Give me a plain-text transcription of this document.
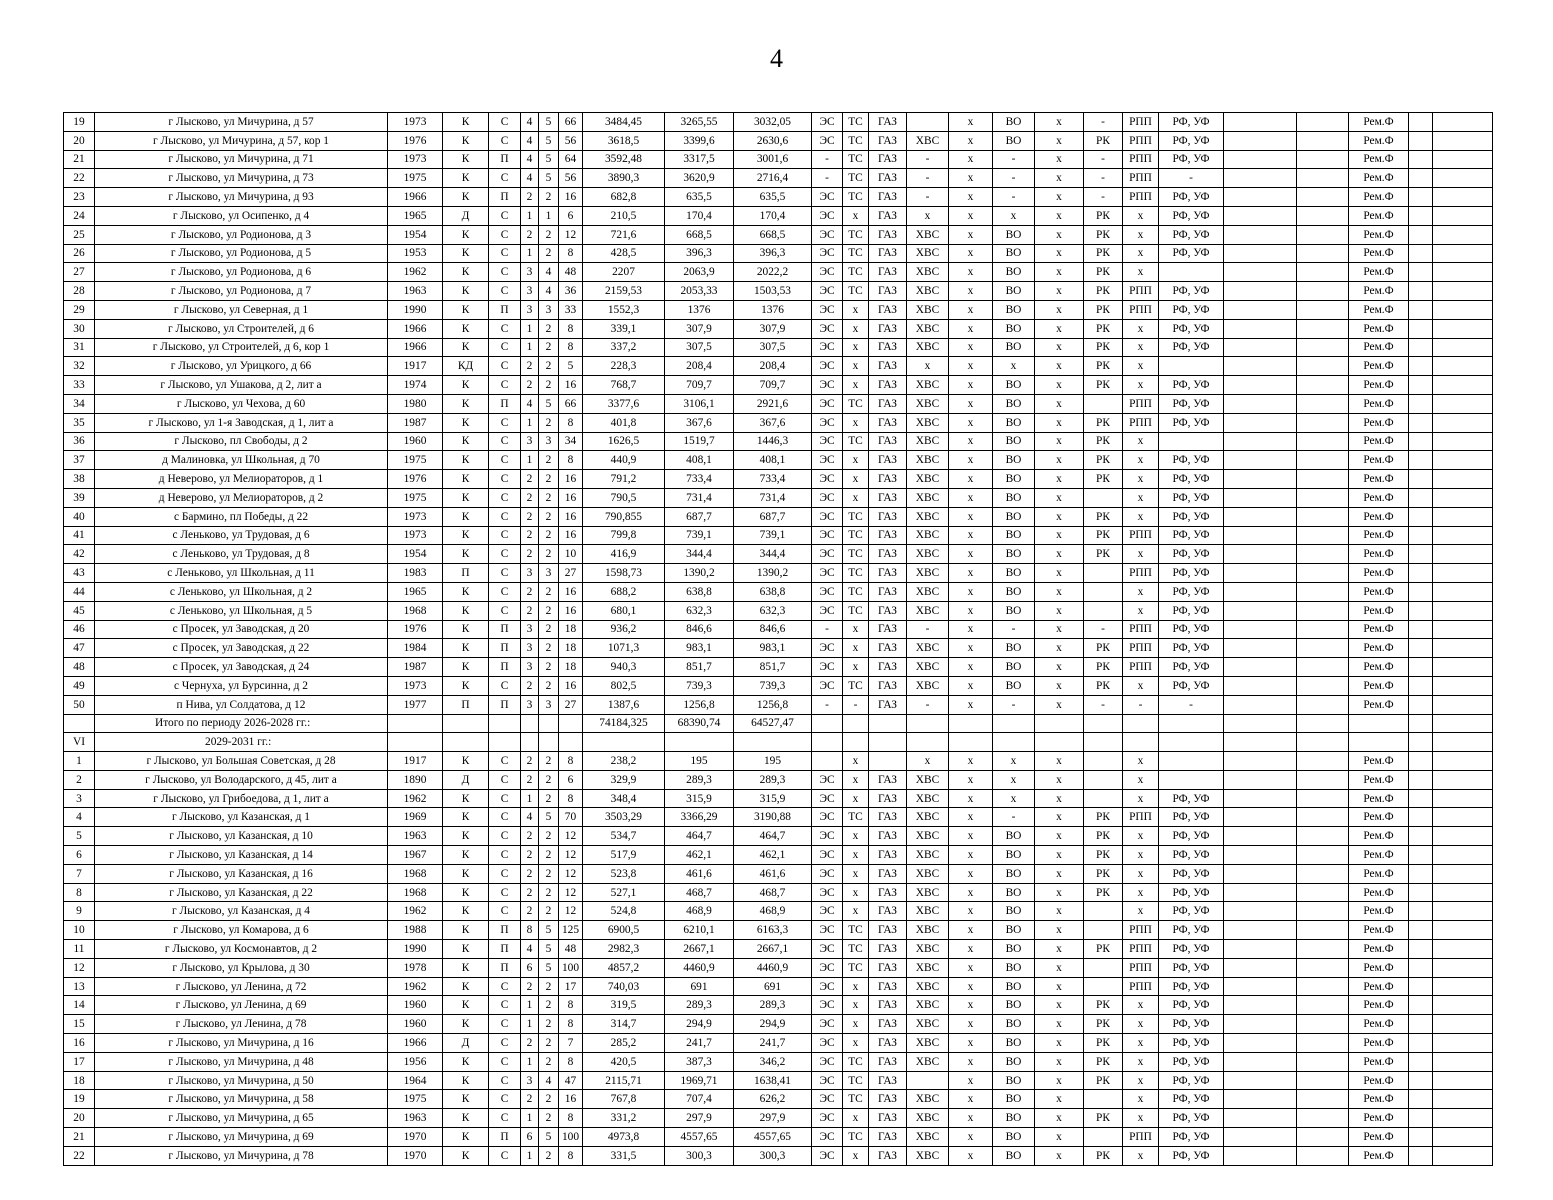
4
19	г Лысково, ул Мичурина, д 57	1973	К	С	4	5	66	3484,45	3265,55	3032,05	ЭС	ТС	ГАЗ		х	ВО	х	-	РПП	РФ, УФ			Рем.Ф		
20	г Лысково, ул Мичурина, д 57, кор 1	1976	К	С	4	5	56	3618,5	3399,6	2630,6	ЭС	ТС	ГАЗ	ХВС	х	ВО	х	РК	РПП	РФ, УФ			Рем.Ф		
21	г Лысково, ул Мичурина, д 71	1973	К	П	4	5	64	3592,48	3317,5	3001,6	-	ТС	ГАЗ	-	х	-	х	-	РПП	РФ, УФ			Рем.Ф		
22	г Лысково, ул Мичурина, д 73	1975	К	С	4	5	56	3890,3	3620,9	2716,4	-	ТС	ГАЗ	-	х	-	х	-	РПП	-			Рем.Ф		
23	г Лысково, ул Мичурина, д 93	1966	К	П	2	2	16	682,8	635,5	635,5	ЭС	ТС	ГАЗ	-	х	-	х	-	РПП	РФ, УФ			Рем.Ф		
24	г Лысково, ул Осипенко, д 4	1965	Д	С	1	1	6	210,5	170,4	170,4	ЭС	х	ГАЗ	х	х	х	х	РК	х	РФ, УФ			Рем.Ф		
25	г Лысково, ул Родионова, д 3	1954	К	С	2	2	12	721,6	668,5	668,5	ЭС	ТС	ГАЗ	ХВС	х	ВО	х	РК	х	РФ, УФ			Рем.Ф		
26	г Лысково, ул Родионова, д 5	1953	К	С	1	2	8	428,5	396,3	396,3	ЭС	ТС	ГАЗ	ХВС	х	ВО	х	РК	х	РФ, УФ			Рем.Ф		
27	г Лысково, ул Родионова, д 6	1962	К	С	3	4	48	2207	2063,9	2022,2	ЭС	ТС	ГАЗ	ХВС	х	ВО	х	РК	х				Рем.Ф		
28	г Лысково, ул Родионова, д 7	1963	К	С	3	4	36	2159,53	2053,33	1503,53	ЭС	ТС	ГАЗ	ХВС	х	ВО	х	РК	РПП	РФ, УФ			Рем.Ф		
29	г Лысково, ул Северная, д 1	1990	К	П	3	3	33	1552,3	1376	1376	ЭС	х	ГАЗ	ХВС	х	ВО	х	РК	РПП	РФ, УФ			Рем.Ф		
30	г Лысково, ул Строителей, д 6	1966	К	С	1	2	8	339,1	307,9	307,9	ЭС	х	ГАЗ	ХВС	х	ВО	х	РК	х	РФ, УФ			Рем.Ф		
31	г Лысково, ул Строителей, д 6, кор 1	1966	К	С	1	2	8	337,2	307,5	307,5	ЭС	х	ГАЗ	ХВС	х	ВО	х	РК	х	РФ, УФ			Рем.Ф		
32	г Лысково, ул Урицкого, д 66	1917	КД	С	2	2	5	228,3	208,4	208,4	ЭС	х	ГАЗ	х	х	х	х	РК	х				Рем.Ф		
33	г Лысково, ул Ушакова, д 2, лит а	1974	К	С	2	2	16	768,7	709,7	709,7	ЭС	х	ГАЗ	ХВС	х	ВО	х	РК	х	РФ, УФ			Рем.Ф		
34	г Лысково, ул Чехова, д 60	1980	К	П	4	5	66	3377,6	3106,1	2921,6	ЭС	ТС	ГАЗ	ХВС	х	ВО	х		РПП	РФ, УФ			Рем.Ф		
35	г Лысково, ул 1-я Заводская, д 1, лит а	1987	К	С	1	2	8	401,8	367,6	367,6	ЭС	х	ГАЗ	ХВС	х	ВО	х	РК	РПП	РФ, УФ			Рем.Ф		
36	г Лысково, пл Свободы, д 2	1960	К	С	3	3	34	1626,5	1519,7	1446,3	ЭС	ТС	ГАЗ	ХВС	х	ВО	х	РК	х				Рем.Ф		
37	д Малиновка, ул Школьная, д 70	1975	К	С	1	2	8	440,9	408,1	408,1	ЭС	х	ГАЗ	ХВС	х	ВО	х	РК	х	РФ, УФ			Рем.Ф		
38	д Неверово, ул Мелиораторов, д 1	1976	К	С	2	2	16	791,2	733,4	733,4	ЭС	х	ГАЗ	ХВС	х	ВО	х	РК	х	РФ, УФ			Рем.Ф		
39	д Неверово, ул Мелиораторов, д 2	1975	К	С	2	2	16	790,5	731,4	731,4	ЭС	х	ГАЗ	ХВС	х	ВО	х		х	РФ, УФ			Рем.Ф		
40	с Бармино, пл Победы, д 22	1973	К	С	2	2	16	790,855	687,7	687,7	ЭС	ТС	ГАЗ	ХВС	х	ВО	х	РК	х	РФ, УФ			Рем.Ф		
41	с Леньково, ул Трудовая, д 6	1973	К	С	2	2	16	799,8	739,1	739,1	ЭС	ТС	ГАЗ	ХВС	х	ВО	х	РК	РПП	РФ, УФ			Рем.Ф		
42	с Леньково, ул Трудовая, д 8	1954	К	С	2	2	10	416,9	344,4	344,4	ЭС	ТС	ГАЗ	ХВС	х	ВО	х	РК	х	РФ, УФ			Рем.Ф		
43	с Леньково, ул Школьная, д 11	1983	П	С	3	3	27	1598,73	1390,2	1390,2	ЭС	ТС	ГАЗ	ХВС	х	ВО	х		РПП	РФ, УФ			Рем.Ф		
44	с Леньково, ул Школьная, д 2	1965	К	С	2	2	16	688,2	638,8	638,8	ЭС	ТС	ГАЗ	ХВС	х	ВО	х		х	РФ, УФ			Рем.Ф		
45	с Леньково, ул Школьная, д 5	1968	К	С	2	2	16	680,1	632,3	632,3	ЭС	ТС	ГАЗ	ХВС	х	ВО	х		х	РФ, УФ			Рем.Ф		
46	с Просек, ул Заводская, д 20	1976	К	П	3	2	18	936,2	846,6	846,6	-	х	ГАЗ	-	х	-	х	-	РПП	РФ, УФ			Рем.Ф		
47	с Просек, ул Заводская, д 22	1984	К	П	3	2	18	1071,3	983,1	983,1	ЭС	х	ГАЗ	ХВС	х	ВО	х	РК	РПП	РФ, УФ			Рем.Ф		
48	с Просек, ул Заводская, д 24	1987	К	П	3	2	18	940,3	851,7	851,7	ЭС	х	ГАЗ	ХВС	х	ВО	х	РК	РПП	РФ, УФ			Рем.Ф		
49	с Чернуха, ул Бурсинна, д 2	1973	К	С	2	2	16	802,5	739,3	739,3	ЭС	ТС	ГАЗ	ХВС	х	ВО	х	РК	х	РФ, УФ			Рем.Ф		
50	п Нива, ул Солдатова, д 12	1977	П	П	3	3	27	1387,6	1256,8	1256,8	-	-	ГАЗ	-	х	-	х	-	-	-			Рем.Ф		
	Итого по периоду 2026-2028 гг.:							74184,325	68390,74	64527,47															
VI	2029-2031 гг.:																								
1	г Лысково, ул Большая Советская, д 28	1917	К	С	2	2	8	238,2	195	195		х		х	х	х	х		х				Рем.Ф		
2	г Лысково, ул Володарского, д 45, лит а	1890	Д	С	2	2	6	329,9	289,3	289,3	ЭС	х	ГАЗ	ХВС	х	х	х		х				Рем.Ф		
3	г Лысково, ул Грибоедова, д 1, лит а	1962	К	С	1	2	8	348,4	315,9	315,9	ЭС	х	ГАЗ	ХВС	х	х	х		х	РФ, УФ			Рем.Ф		
4	г Лысково, ул Казанская, д 1	1969	К	С	4	5	70	3503,29	3366,29	3190,88	ЭС	ТС	ГАЗ	ХВС	х	-	х	РК	РПП	РФ, УФ			Рем.Ф		
5	г Лысково, ул Казанская, д 10	1963	К	С	2	2	12	534,7	464,7	464,7	ЭС	х	ГАЗ	ХВС	х	ВО	х	РК	х	РФ, УФ			Рем.Ф		
6	г Лысково, ул Казанская, д 14	1967	К	С	2	2	12	517,9	462,1	462,1	ЭС	х	ГАЗ	ХВС	х	ВО	х	РК	х	РФ, УФ			Рем.Ф		
7	г Лысково, ул Казанская, д 16	1968	К	С	2	2	12	523,8	461,6	461,6	ЭС	х	ГАЗ	ХВС	х	ВО	х	РК	х	РФ, УФ			Рем.Ф		
8	г Лысково, ул Казанская, д 22	1968	К	С	2	2	12	527,1	468,7	468,7	ЭС	х	ГАЗ	ХВС	х	ВО	х	РК	х	РФ, УФ			Рем.Ф		
9	г Лысково, ул Казанская, д 4	1962	К	С	2	2	12	524,8	468,9	468,9	ЭС	х	ГАЗ	ХВС	х	ВО	х		х	РФ, УФ			Рем.Ф		
10	г Лысково, ул Комарова, д 6	1988	К	П	8	5	125	6900,5	6210,1	6163,3	ЭС	ТС	ГАЗ	ХВС	х	ВО	х		РПП	РФ, УФ			Рем.Ф		
11	г Лысково, ул Космонавтов, д 2	1990	К	П	4	5	48	2982,3	2667,1	2667,1	ЭС	ТС	ГАЗ	ХВС	х	ВО	х	РК	РПП	РФ, УФ			Рем.Ф		
12	г Лысково, ул Крылова, д 30	1978	К	П	6	5	100	4857,2	4460,9	4460,9	ЭС	ТС	ГАЗ	ХВС	х	ВО	х		РПП	РФ, УФ			Рем.Ф		
13	г Лысково, ул Ленина, д 72	1962	К	С	2	2	17	740,03	691	691	ЭС	х	ГАЗ	ХВС	х	ВО	х		РПП	РФ, УФ			Рем.Ф		
14	г Лысково, ул Ленина, д 69	1960	К	С	1	2	8	319,5	289,3	289,3	ЭС	х	ГАЗ	ХВС	х	ВО	х	РК	х	РФ, УФ			Рем.Ф		
15	г Лысково, ул Ленина, д 78	1960	К	С	1	2	8	314,7	294,9	294,9	ЭС	х	ГАЗ	ХВС	х	ВО	х	РК	х	РФ, УФ			Рем.Ф		
16	г Лысково, ул Мичурина, д 16	1966	Д	С	2	2	7	285,2	241,7	241,7	ЭС	х	ГАЗ	ХВС	х	ВО	х	РК	х	РФ, УФ			Рем.Ф		
17	г Лысково, ул Мичурина, д 48	1956	К	С	1	2	8	420,5	387,3	346,2	ЭС	ТС	ГАЗ	ХВС	х	ВО	х	РК	х	РФ, УФ			Рем.Ф		
18	г Лысково, ул Мичурина, д 50	1964	К	С	3	4	47	2115,71	1969,71	1638,41	ЭС	ТС	ГАЗ		х	ВО	х	РК	х	РФ, УФ			Рем.Ф		
19	г Лысково, ул Мичурина, д 58	1975	К	С	2	2	16	767,8	707,4	626,2	ЭС	ТС	ГАЗ	ХВС	х	ВО	х		х	РФ, УФ			Рем.Ф		
20	г Лысково, ул Мичурина, д 65	1963	К	С	1	2	8	331,2	297,9	297,9	ЭС	х	ГАЗ	ХВС	х	ВО	х	РК	х	РФ, УФ			Рем.Ф		
21	г Лысково, ул Мичурина, д 69	1970	К	П	6	5	100	4973,8	4557,65	4557,65	ЭС	ТС	ГАЗ	ХВС	х	ВО	х		РПП	РФ, УФ			Рем.Ф		
22	г Лысково, ул Мичурина, д 78	1970	К	С	1	2	8	331,5	300,3	300,3	ЭС	х	ГАЗ	ХВС	х	ВО	х	РК	х	РФ, УФ			Рем.Ф		
